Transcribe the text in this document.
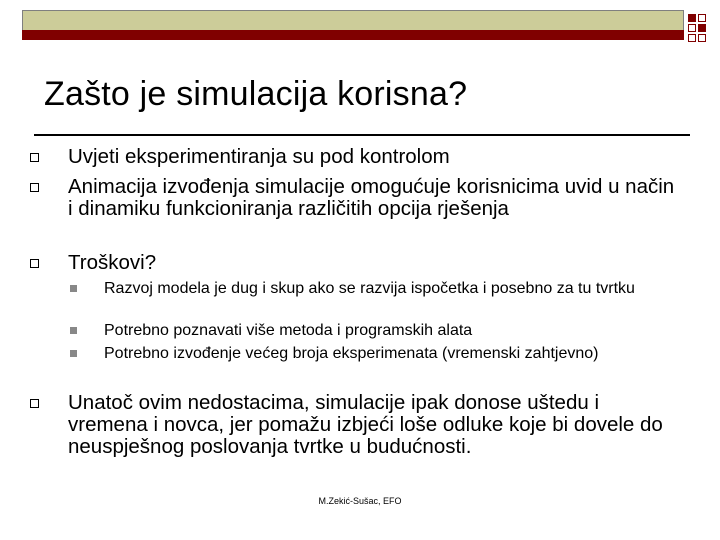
Zašto je simulacija korisna?
Uvjeti eksperimentiranja su pod kontrolom
Animacija izvođenja simulacije omogućuje korisnicima uvid u način i dinamiku funkcioniranja različitih opcija rješenja
Troškovi?
Razvoj modela je dug i skup ako se razvija ispočetka i posebno za tu tvrtku
Potrebno poznavati više metoda i programskih alata
Potrebno izvođenje većeg broja eksperimenata (vremenski zahtjevno)
Unatoč ovim nedostacima, simulacije ipak donose uštedu i vremena i novca, jer pomažu izbjeći loše odluke koje bi dovele do neuspješnog poslovanja tvrtke u budućnosti.
M.Zekić-Sušac, EFO
